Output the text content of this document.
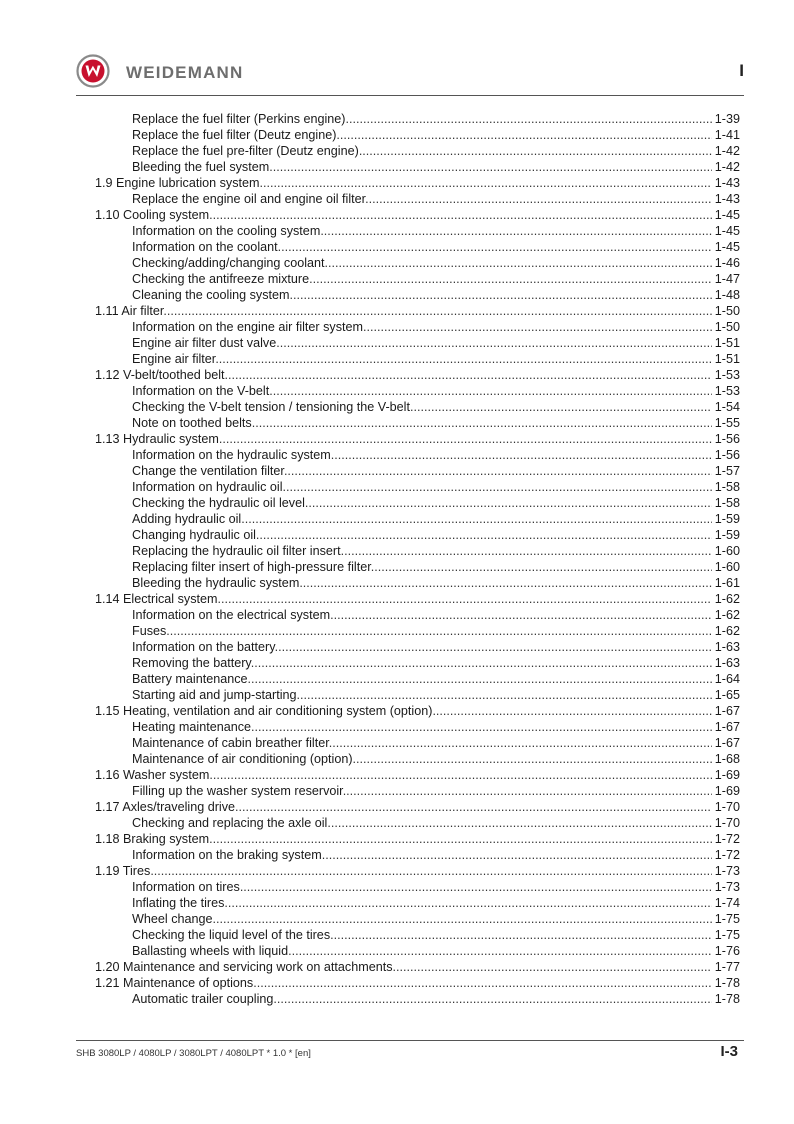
WEIDEMANN	I
Replace the fuel filter (Perkins engine) .....	1-39
Replace the fuel filter (Deutz engine) .....	1-41
Replace the fuel pre-filter (Deutz engine) .....	1-42
Bleeding the fuel system .....	1-42
1.9 Engine lubrication system .....	1-43
Replace the engine oil and engine oil filter .....	1-43
1.10 Cooling system .....	1-45
Information on the cooling system .....	1-45
Information on the coolant .....	1-45
Checking/adding/changing coolant .....	1-46
Checking the antifreeze mixture .....	1-47
Cleaning the cooling system .....	1-48
1.11 Air filter .....	1-50
Information on the engine air filter system .....	1-50
Engine air filter dust valve .....	1-51
Engine air filter .....	1-51
1.12 V-belt/toothed belt .....	1-53
Information on the V-belt .....	1-53
Checking the V-belt tension / tensioning the V-belt .....	1-54
Note on toothed belts .....	1-55
1.13 Hydraulic system .....	1-56
Information on the hydraulic system .....	1-56
Change the ventilation filter .....	1-57
Information on hydraulic oil .....	1-58
Checking the hydraulic oil level .....	1-58
Adding hydraulic oil .....	1-59
Changing hydraulic oil .....	1-59
Replacing the hydraulic oil filter insert .....	1-60
Replacing filter insert of high-pressure filter .....	1-60
Bleeding the hydraulic system .....	1-61
1.14 Electrical system .....	1-62
Information on the electrical system .....	1-62
Fuses .....	1-62
Information on the battery .....	1-63
Removing the battery .....	1-63
Battery maintenance .....	1-64
Starting aid and jump-starting .....	1-65
1.15 Heating, ventilation and air conditioning system (option) .....	1-67
Heating maintenance .....	1-67
Maintenance of cabin breather filter .....	1-67
Maintenance of air conditioning (option) .....	1-68
1.16 Washer system .....	1-69
Filling up the washer system reservoir .....	1-69
1.17 Axles/traveling drive .....	1-70
Checking and replacing the axle oil .....	1-70
1.18 Braking system .....	1-72
Information on the braking system .....	1-72
1.19 Tires .....	1-73
Information on tires .....	1-73
Inflating the tires .....	1-74
Wheel change .....	1-75
Checking the liquid level of the tires .....	1-75
Ballasting wheels with liquid .....	1-76
1.20 Maintenance and servicing work on attachments .....	1-77
1.21 Maintenance of options .....	1-78
Automatic trailer coupling .....	1-78
SHB 3080LP / 4080LP / 3080LPT / 4080LPT * 1.0 * [en]	I-3
